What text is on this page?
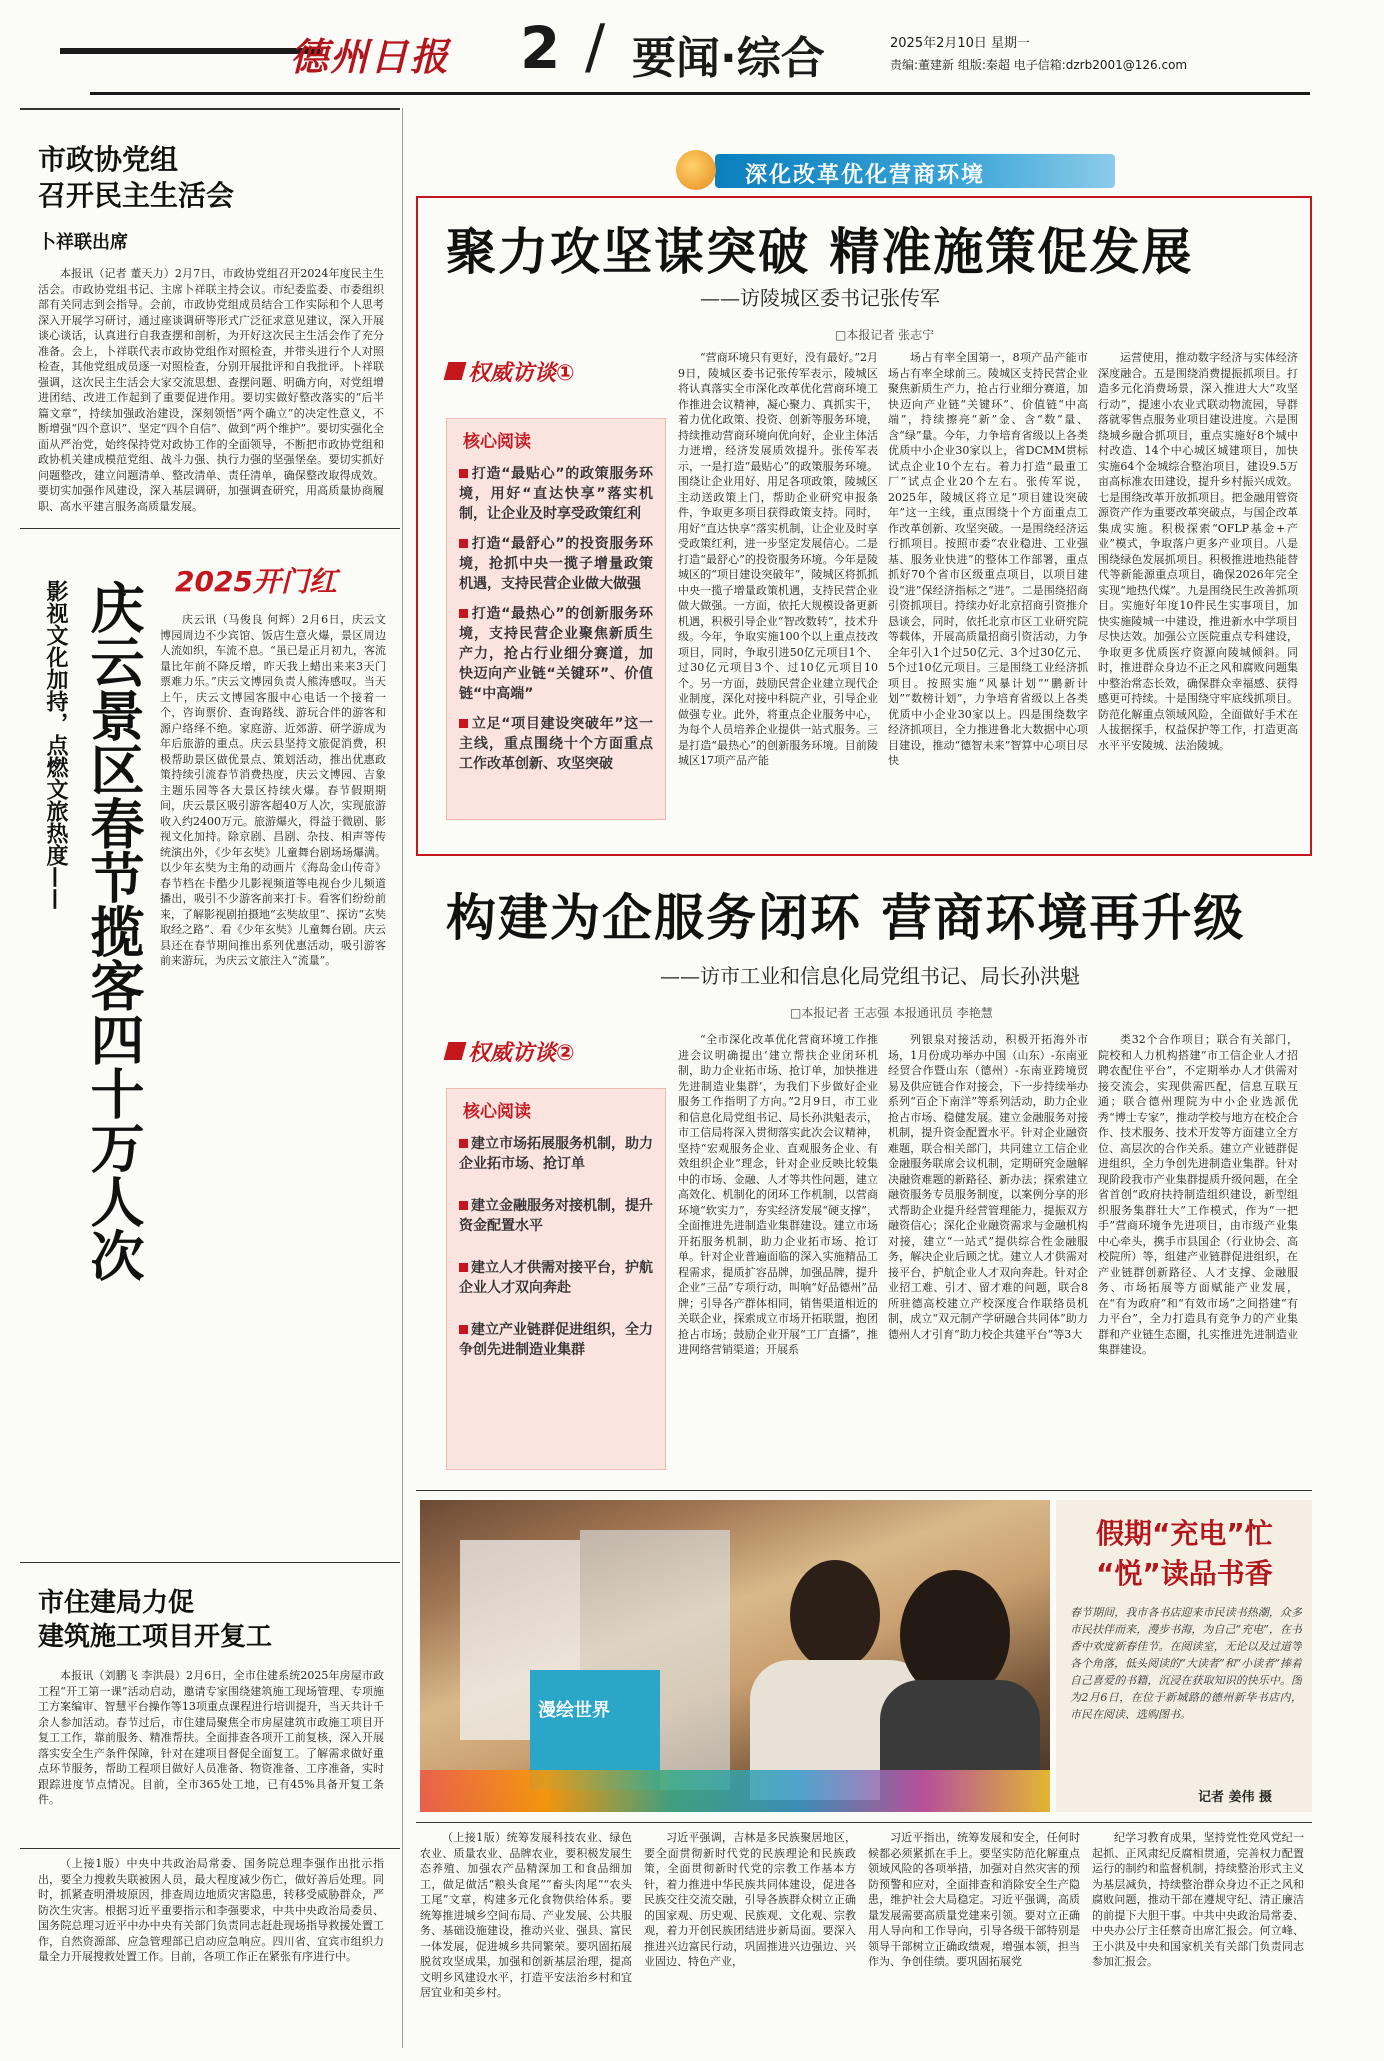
德州日报 2 / 要闻·综合	2025年2月10日 星期一
责编:董建新 组版:秦超 电子信箱:dzrb2001@126.com
市政协党组
召开民主生活会
卜祥联出席

本报讯（记者 董天力）2月7日，市政协党组召开2024年度民主生活会。市政协党组书记、主席卜祥联主持会议。市纪委监委、市委组织部有关同志到会指导。会前，市政协党组成员结合工作实际和个人思考深入开展学习研讨，通过座谈调研等形式广泛征求意见建议，深入开展谈心谈话，认真进行自我查摆和剖析，为开好这次民主生活会作了充分准备。会上，卜祥联代表市政协党组作对照检查，并带头进行个人对照检查，其他党组成员逐一对照检查，分别开展批评和自我批评。卜祥联强调，这次民主生活会大家交流思想、查摆问题、明确方向，对党组增进团结、改进工作起到了重要促进作用。要切实做好整改落实的“后半篇文章”，持续加强政治建设，深刻领悟“两个确立”的决定性意义，不断增强“四个意识”、坚定“四个自信”、做到“两个维护”。要切实强化全面从严治党，始终保持党对政协工作的全面领导，不断把市政协党组和政协机关建成模范党组、战斗力强、执行力强的坚强堡垒。要切实抓好问题整改，建立问题清单、整改清单、责任清单，确保整改取得成效。要切实加强作风建设，深入基层调研，加强调查研究，用高质量协商履职、高水平建言服务高质量发展。

影视文化加持，点燃文旅热度—— 庆云景区春节揽客四十万人次 2025开门红

庆云讯（马俊良 何辉）2月6日，庆云文博园周边不少宾馆、饭店生意火爆，景区周边人流如织，车流不息。“虽已是正月初九，客流量比年前不降反增，昨天我上蜡出来来3天门票难力乐。”庆云文博园负责人熊涛感叹。当天上午，庆云文博园客服中心电话一个接着一个，咨询票价、查询路线、游玩合伴的游客和源户络绎不绝。家庭游、近郊游、研学游成为年后旅游的重点。庆云县坚持文旅促消费，积极帮助景区做优景点、策划活动，推出优惠政策持续引流春节消费热度，庆云文博园、吉象主题乐园等各大景区持续火爆。春节假期期间，庆云景区吸引游客超40万人次，实现旅游收入约2400万元。旅游爆火，得益于微剧、影视文化加持。除京剧、昌剧、杂技、相声等传统演出外，《少年玄奘》儿童舞台剧场场爆满。以少年玄奘为主角的动画片《海岛金山传奇》春节档在卡酷少儿影视频道等电视台少儿频道播出，吸引不少游客前来打卡。看客们纷纷前来，了解影视剧拍摄地“玄奘故里”、探访“玄奘取经之路”、看《少年玄奘》儿童舞台剧。庆云县还在春节期间推出系列优惠活动，吸引游客前来游玩，为庆云文旅注入“流量”。

市住建局力促
建筑施工项目开复工

本报讯（刘鹏飞 李洪晨）2月6日，全市住建系统2025年房屋市政工程“开工第一课”活动启动，邀请专家围绕建筑施工现场管理、专项施工方案编审、智慧平台操作等13项重点课程进行培训提升，当天共计千余人参加活动。春节过后，市住建局聚焦全市房屋建筑市政施工项目开复工工作，靠前服务、精准帮扶。全面排查各项开工前复核，深入开展落实安全生产条件保障，针对在建项目督促全面复工。了解需求做好重点环节服务，帮助工程项目做好人员准备、物资准备、工序准备，实时跟踪进度节点情况。目前，全市365处工地，已有45%具备开复工条件。

（上接1版）中央中共政治局常委、国务院总理李强作出批示指出，要全力搜救失联被困人员，最大程度减少伤亡，做好善后处理。同时，抓紧查明滑坡原因，排查周边地质灾害隐患，转移受威胁群众，严防次生灾害。根据习近平重要指示和李强要求，中共中央政治局委员、国务院总理习近平中办中央有关部门负责同志赶赴现场指导救援处置工作，自然资源部、应急管理部已启动应急响应。四川省、宜宾市组织力量全力开展搜救处置工作。目前，各项工作正在紧张有序进行中。

深化改革优化营商环境
聚力攻坚谋突破 精准施策促发展
——访陵城区委书记张传军
□本报记者 张志宁
权威访谈①
核心阅读
打造“最贴心”的政策服务环境，用好“直达快享”落实机制，让企业及时享受政策红利
打造“最舒心”的投资服务环境，抢抓中央一揽子增量政策机遇，支持民营企业做大做强
打造“最热心”的创新服务环境，支持民营企业聚焦新质生产力，抢占行业细分赛道，加快迈向产业链“关键环”、价值链“中高端”
立足“项目建设突破年”这一主线，重点围绕十个方面重点工作改革创新、攻坚突破

“营商环境只有更好，没有最好。”2月9日，陵城区委书记张传军表示，陵城区将认真落实全市深化改革优化营商环境工作推进会议精神，凝心聚力、真抓实干，着力优化政策、投资、创新等服务环境，持续推动营商环境向优向好，企业主体活力迸增，经济发展质效提升。张传军表示，一是打造“最贴心”的政策服务环境。围绕让企业用好、用足各项政策，陵城区主动送政策上门，帮助企业研究申报条件，争取更多项目获得政策支持。同时，用好“直达快享”落实机制，让企业及时享受政策红利，进一步坚定发展信心。二是打造“最舒心”的投资服务环境。今年是陵城区的“项目建设突破年”，陵城区将抓抓中央一揽子增量政策机遇，支持民营企业做大做强。一方面，依托大规模设备更新机遇，积极引导企业“智改数转”，技术升级。今年，争取实施100个以上重点技改项目，同时，争取引进50亿元项目1个、过30亿元项目3个、过10亿元项目10个。另一方面，鼓励民营企业建立现代企业制度，深化对接中科院产业，引导企业做强专业。此外，将重点企业服务中心，为每个人员培养企业提供一站式服务。三是打造“最热心”的创新服务环境。目前陵城区17项产品产能

场占有率全国第一，8项产品产能市场占有率全球前三。陵城区支持民营企业聚焦新质生产力，抢占行业细分赛道，加快迈向产业链“关键环”、价值链“中高端”，持续擦亮“新”金、含“数”量、含“绿”量。今年，力争培育省级以上各类优质中小企业30家以上，省DCMM贯标试点企业10个左右。着力打造“最重工厂”试点企业20个左右。张传军说，2025年，陵城区将立足“项目建设突破年”这一主线，重点围绕十个方面重点工作改革创新、攻坚突破。一是围绕经济运行抓项目。按照市委“农业稳进、工业强基、服务业快进”的整体工作部署，重点抓好70个省市区级重点项目，以项目建设“进”保经济指标之“进”。二是围绕招商引资抓项目。持续办好北京招商引资推介恳谈会，同时，依托北京市区工业研究院等载体，开展高质量招商引资活动，力争全年引入1个过50亿元、3个过30亿元、5个过10亿元项目。三是围绕工业经济抓项目。按照实施“风暴计划”“鹏新计划”“数榜计划”，力争培育省级以上各类优质中小企业30家以上。四是围绕数字经济抓项目，全力推进鲁北大数据中心项目建设，推动“德智未来”智算中心项目尽快

运营使用，推动数字经济与实体经济深度融合。五是围绕消费提振抓项目。打造多元化消费场景，深入推进大大“攻坚行动”，提速小农业式联动物流园，导群落就零售点服务业项目建设进度。六是围绕城乡融合抓项目，重点实施好8个城中村改造、14个中心城区城建项目，加快实施64个金城综合整治项目，建设9.5万亩高标准农田建设，提升乡村振兴成效。七是围绕改革开放抓项目。把金融用管资源资产作为重要改革突破点，与国企改革集成实施。积极探索“OFLP基金+产业”模式，争取落户更多产业项目。八是围绕绿色发展抓项目。积极推进地热能替代等新能源重点项目，确保2026年完全实现“地热代煤”。九是围绕民生改善抓项目。实施好年度10件民生实事项目，加快实施陵城一中建设，推进新水中学项目尽快达效。加强公立医院重点专科建设，争取更多优质医疗资源向陵城倾斜。同时，推进群众身边不正之风和腐败问题集中整治常态长效，确保群众幸福感、获得感更可持续。十是围绕守牢底线抓项目。防范化解重点领域风险，全面做好手术在人拔据探手，权益保护等工作，打造更高水平平安陵城、法治陵城。

构建为企服务闭环 营商环境再升级
——访市工业和信息化局党组书记、局长孙洪魁
□本报记者 王志强 本报通讯员 李艳慧
权威访谈②
核心阅读
建立市场拓展服务机制，助力企业拓市场、抢订单
建立金融服务对接机制，提升资金配置水平
建立人才供需对接平台，护航企业人才双向奔赴
建立产业链群促进组织，全力争创先进制造业集群

“全市深化改革优化营商环境工作推进会议明确提出‘建立帮扶企业闭环机制，助力企业拓市场、抢订单，加快推进先进制造业集群’，为我们下步做好企业服务工作指明了方向。”2月9日，市工业和信息化局党组书记、局长孙洪魁表示，市工信局将深入贯彻落实此次会议精神，坚持“宏观服务企业、直观服务企业、有效组织企业”理念，针对企业反映比较集中的市场、金融、人才等共性问题，建立高效化、机制化的闭环工作机制，以营商环境“软实力”，夯实经济发展“硬支撑”，全面推进先进制造业集群建设。建立市场开拓服务机制，助力企业拓市场、抢订单。针对企业普遍面临的深入实施精品工程需求，提质扩容品牌，加强品牌，提升企业“三品”专项行动，叫响“好品德州”品牌；引导各产群体相同，销售渠道相近的关联企业，探索成立市场开拓联盟，抱团抢占市场；鼓励企业开展“工厂直播”，推进网络营销渠道；开展系

列银泉对接活动，积极开拓海外市场，1月份成功举办中国（山东）-东南亚经贸合作暨山东（德州）-东南亚跨境贸易及供应链合作对接会，下一步持续举办系列“百企下南洋”等系列活动，助力企业抢占市场、稳健发展。建立金融服务对接机制，提升资金配置水平。针对企业融资难题，联合相关部门，共同建立工信企业金融服务联席会议机制，定期研究金融解决融资难题的新路径、新办法；探索建立融资服务专员服务制度，以案例分享的形式帮助企业提升经营管理能力，提振双方融资信心；深化企业融资需求与金融机构对接，建立“一站式”提供综合性金融服务，解决企业后顾之忧。建立人才供需对接平台，护航企业人才双向奔赴。针对企业招工难、引才、留才难的问题，联合8所驻德高校建立产校深度合作联络员机制，成立“双元制产学研融合共同体”助力德州人才引育“助力校企共建平台”等3大

类32个合作项目；联合有关部门，院校和人力机构搭建“市工信企业人才招聘农配住平台”，不定期举办人才供需对接交流会，实现供需匹配，信息互联互通；联合德州理院为中小企业选派优秀“博士专家”，推动学校与地方在校企合作、技术服务、技术开发等方面建立全方位、高层次的合作关系。建立产业链群促进组织，全力争创先进制造业集群。针对现阶段我市产业集群提质升级问题，在全省首创“政府扶持制造组织建设，新型组织服务集群壮大”工作模式，作为“一把手”营商环境争先进项目，由市级产业集中心牵头，携手市县国企（行业协会、高校院所）等，组建产业链群促进组织，在产业链群创新路径、人才支撑、金融服务、市场拓展等方面赋能产业发展，在“有为政府”和“有效市场”之间搭建“有力平台”，全力打造具有竞争力的产业集群和产业链生态圈，扎实推进先进制造业集群建设。

漫绘世界
假期“充电”忙
“悦”读品书香
春节期间，我市各书店迎来市民读书热潮，众多市民扶伴而来，漫步书海，为自己“充电”，在书香中欢度新春佳节。在阅读室，无论以及过道等各个角落，低头阅读的“大读者”和“小读者”捧着自己喜爱的书籍，沉浸在获取知识的快乐中。图为2月6日，在位于新城路的德州新华书店内，市民在阅读、选购图书。
记者 姜伟 摄

（上接1版）统筹发展科技农业、绿色农业、质量农业、品牌农业，要积极发展生态养殖、加强农产品精深加工和食品细加工，做足做活“粮头食尾”“畜头肉尾”“农头工尾”文章，构建多元化食物供给体系。要统筹推进城乡空间布局、产业发展、公共服务、基础设施建设，推动兴业、强县、富民一体发展，促进城乡共同繁荣。要巩固拓展脱贫攻坚成果，加强和创新基层治理，提高文明乡风建设水平，打造平安法治乡村和宜居宜业和美乡村。

习近平强调，吉林是多民族聚居地区，要全面贯彻新时代党的民族理论和民族政策，全面贯彻新时代党的宗教工作基本方针，着力推进中华民族共同体建设，促进各民族交往交流交融，引导各族群众树立正确的国家观、历史观、民族观、文化观、宗教观，着力开创民族团结进步新局面。要深入推进兴边富民行动，巩固推进兴边强边、兴业固边、特色产业，

习近平指出，统筹发展和安全，任何时候都必须紧抓在手上。要坚实防范化解重点领域风险的各项举措，加强对自然灾害的预防预警和应对，全面排查和消除安全生产隐患，维护社会大局稳定。习近平强调，高质量发展需要高质量党建来引领。要对立正确用人导向和工作导向，引导各级干部特别是领导干部树立正确政绩观，增强本领，担当作为、争创佳绩。要巩固拓展党

纪学习教育成果，坚持党性党风党纪一起抓、正风肃纪反腐相贯通，完善权力配置运行的制约和监督机制，持续整治形式主义为基层减负，持续整治群众身边不正之风和腐败问题，推动干部在遵规守纪、清正廉洁的前提下大胆干事。中共中央政治局常委、中央办公厅主任蔡奇出席汇报会。何立峰、王小洪及中央和国家机关有关部门负责同志参加汇报会。
